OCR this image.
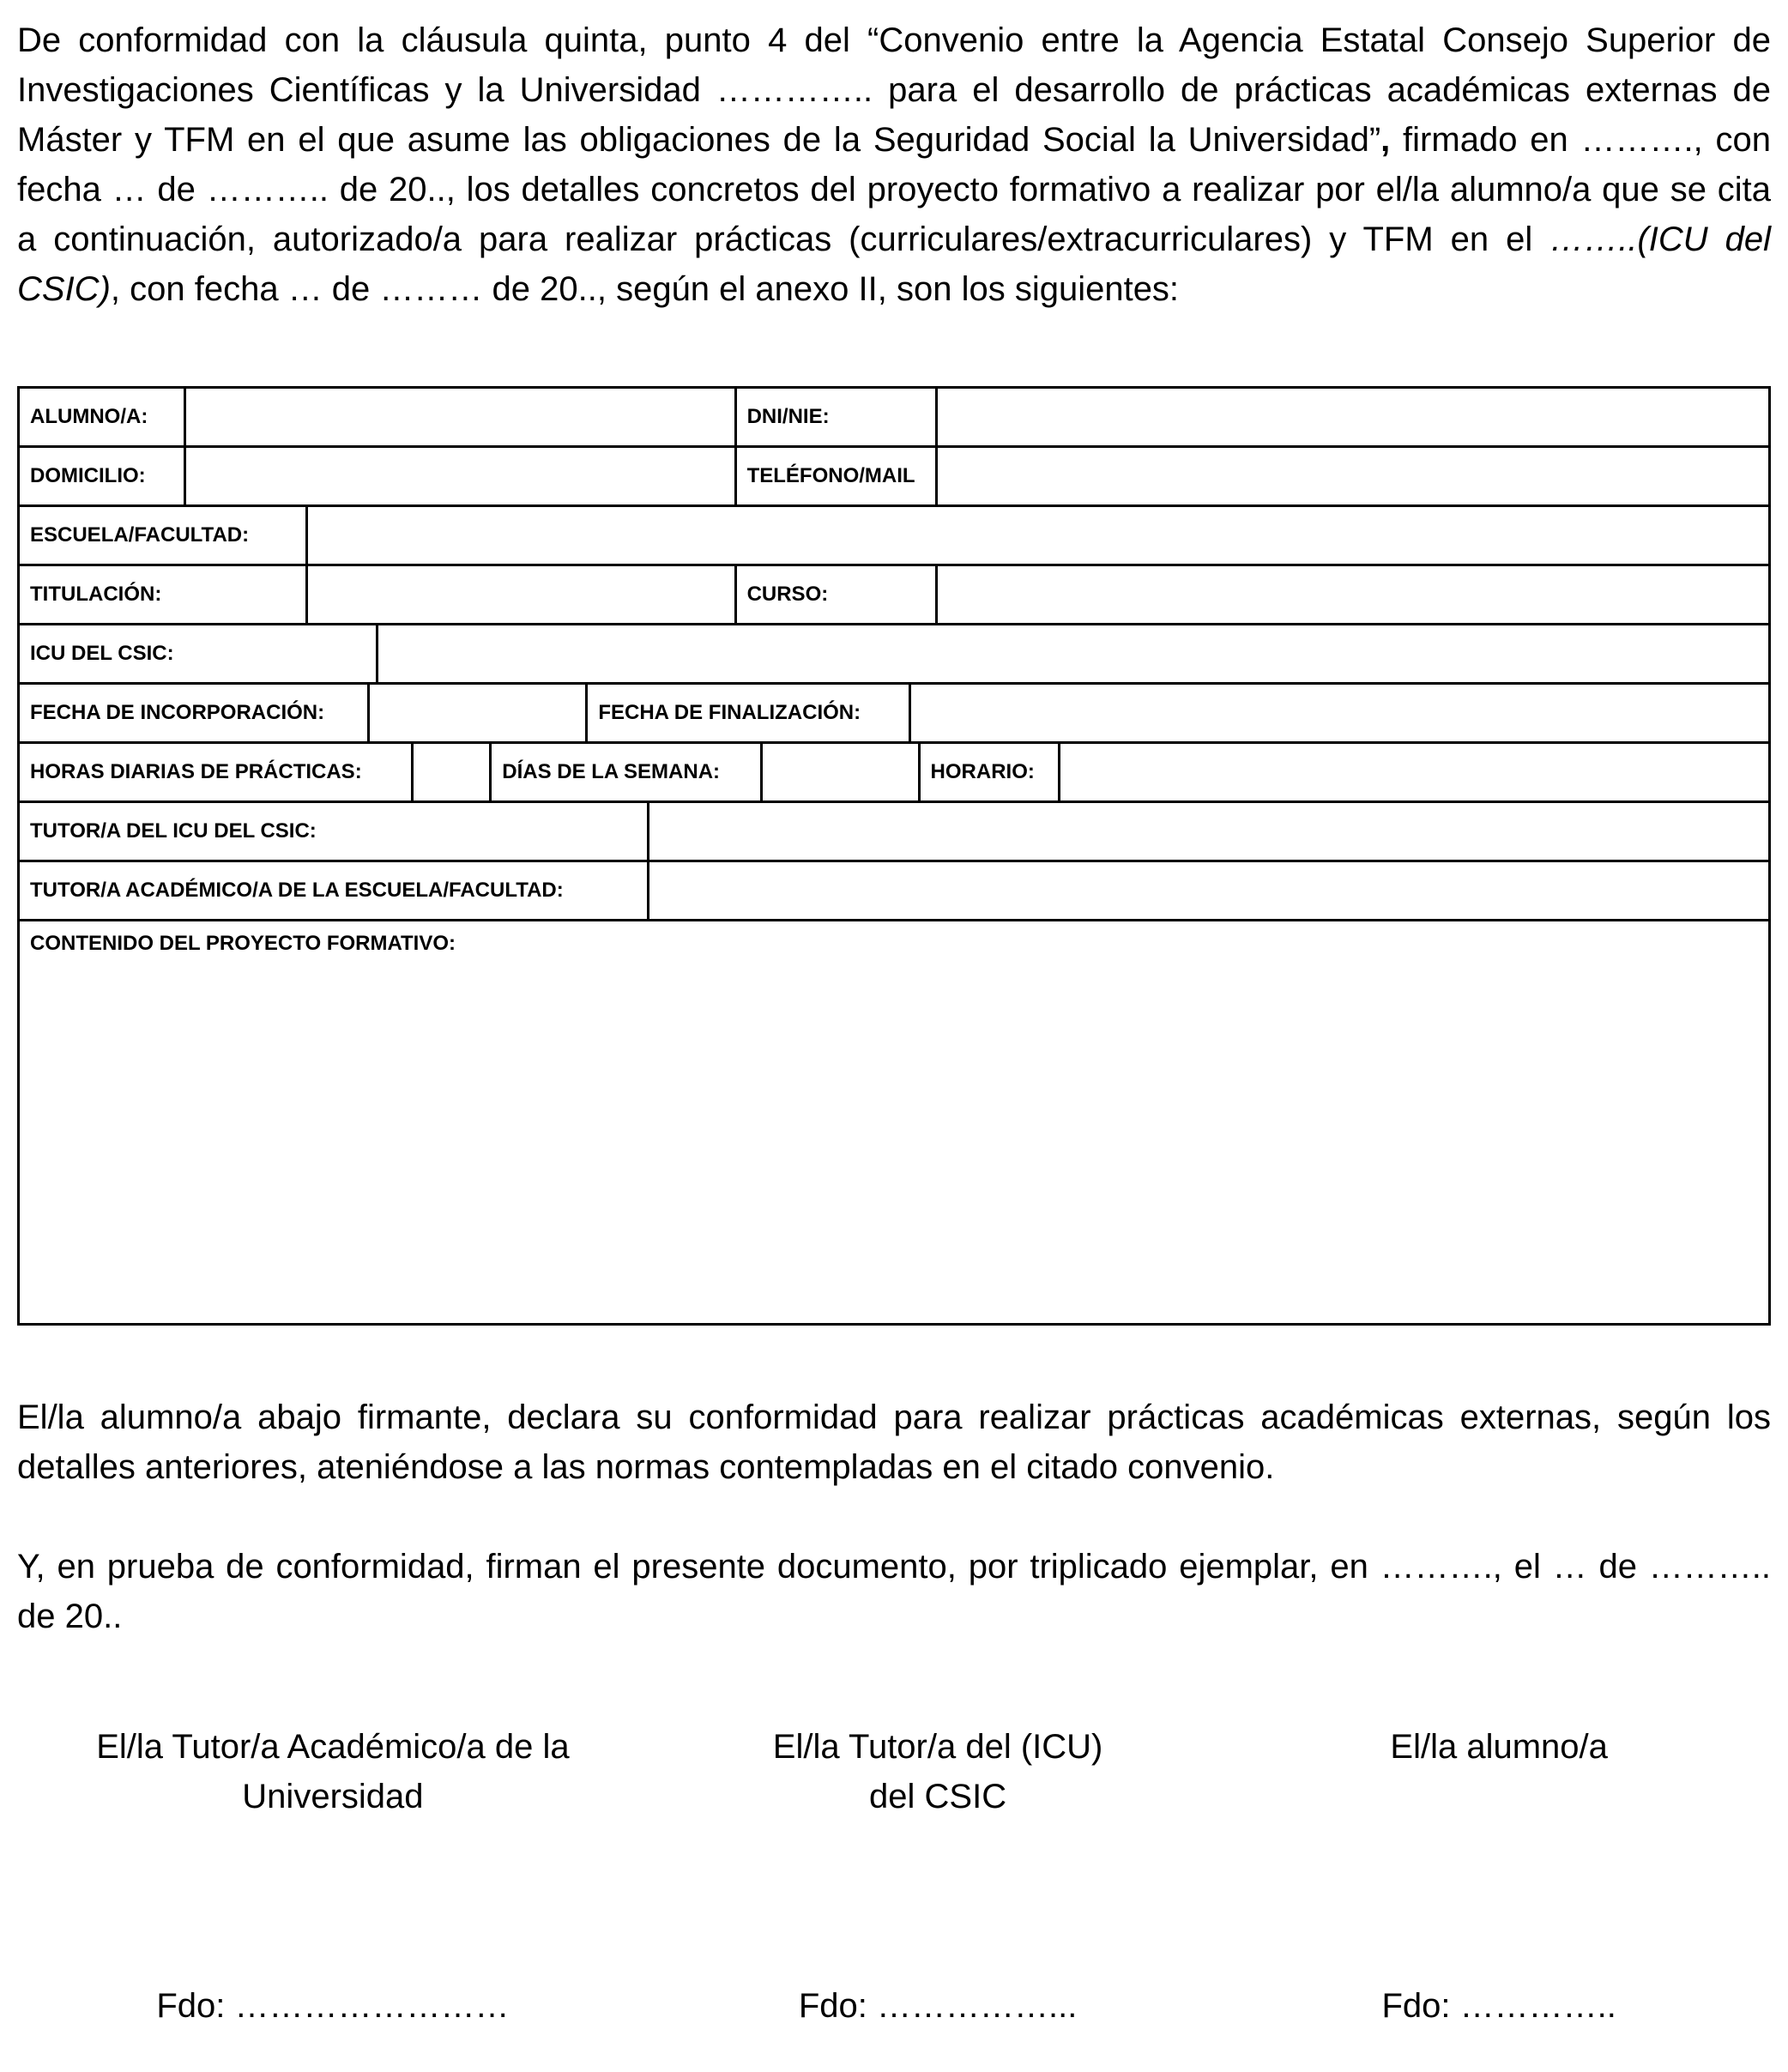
De conformidad con la cláusula quinta, punto 4 del “Convenio entre la Agencia Estatal Consejo Superior de Investigaciones Científicas y la Universidad ………….. para el desarrollo de prácticas académicas externas de Máster y TFM en el que asume las obligaciones de la Seguridad Social la Universidad”, firmado en ………., con fecha … de ……….. de 20.., los detalles concretos del proyecto formativo a realizar por el/la alumno/a que se cita a continuación, autorizado/a para realizar prácticas (curriculares/extracurriculares) y TFM en el ……..(ICU del CSIC), con fecha … de ……… de 20.., según el anexo II, son los siguientes:

ALUMNO/A:	DNI/NIE:
DOMICILIO:	TELÉFONO/MAIL
ESCUELA/FACULTAD:
TITULACIÓN:	CURSO:
ICU DEL CSIC:
FECHA DE INCORPORACIÓN:	FECHA DE FINALIZACIÓN:
HORAS DIARIAS DE PRÁCTICAS:	DÍAS DE LA SEMANA:	HORARIO:
TUTOR/A DEL ICU DEL CSIC:
TUTOR/A ACADÉMICO/A DE LA ESCUELA/FACULTAD:
CONTENIDO DEL PROYECTO FORMATIVO:

El/la alumno/a abajo firmante, declara su conformidad para realizar prácticas académicas externas, según los detalles anteriores, ateniéndose a las normas contempladas en el citado convenio.

Y, en prueba de conformidad, firman el presente documento, por triplicado ejemplar, en ………., el … de ……….. de 20..

El/la Tutor/a Académico/a de la
Universidad
El/la Tutor/a del (ICU)
del CSIC
El/la alumno/a
Fdo: ……………………	Fdo: ……………...	Fdo: …………..
